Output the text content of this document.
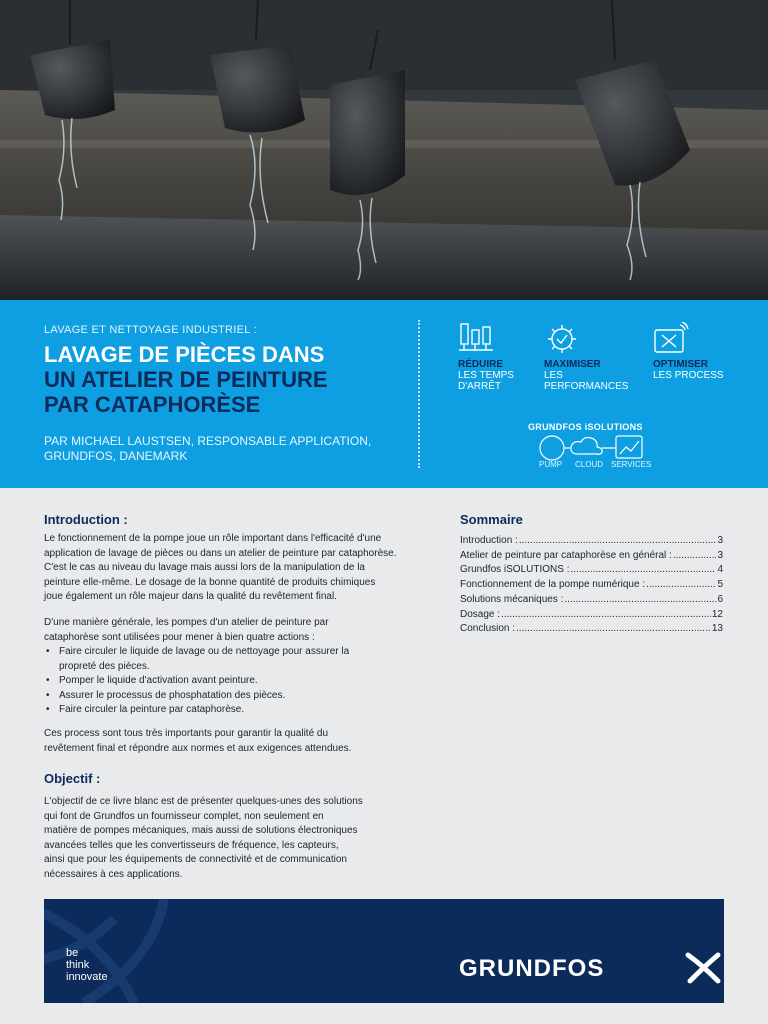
LAVAGE ET NETTOYAGE INDUSTRIEL :
LAVAGE DE PIÈCES DANS
UN ATELIER DE PEINTURE
PAR CATAPHORÈSE
PAR MICHAEL LAUSTSEN, RESPONSABLE APPLICATION,
GRUNDFOS, DANEMARK
RÉDUIRE
LES TEMPS
D'ARRÊT
MAXIMISER
LES
PERFORMANCES
OPTIMISER
LES PROCESS
GRUNDFOS iSOLUTIONS
PUMP CLOUD SERVICES
Introduction :
Le fonctionnement de la pompe joue un rôle important dans l'efficacité d'une
application de lavage de pièces ou dans un atelier de peinture par cataphorèse.
C'est le cas au niveau du lavage mais aussi lors de la manipulation de la
peinture elle-même. Le dosage de la bonne quantité de produits chimiques
joue également un rôle majeur dans la qualité du revêtement final.
D'une manière générale, les pompes d'un atelier de peinture par
cataphorèse sont utilisées pour mener à bien quatre actions :
• Faire circuler le liquide de lavage ou de nettoyage pour assurer la
propreté des pièces.
• Pomper le liquide d'activation avant peinture.
• Assurer le processus de phosphatation des pièces.
• Faire circuler la peinture par cataphorèse.
Ces process sont tous très importants pour garantir la qualité du
revêtement final et répondre aux normes et aux exigences attendues.
Objectif :
L'objectif de ce livre blanc est de présenter quelques-unes des solutions
qui font de Grundfos un fournisseur complet, non seulement en
matière de pompes mécaniques, mais aussi de solutions électroniques
avancées telles que les convertisseurs de fréquence, les capteurs,
ainsi que pour les équipements de connectivité et de communication
nécessaires à ces applications.
Sommaire
Introduction : .....	3
Atelier de peinture par cataphorèse en général : .....	3
Grundfos iSOLUTIONS : .....	4
Fonctionnement de la pompe numérique : .....	5
Solutions mécaniques : .....	6
Dosage : .....	12
Conclusion : .....	13
be
think
innovate	GRUNDFOS
